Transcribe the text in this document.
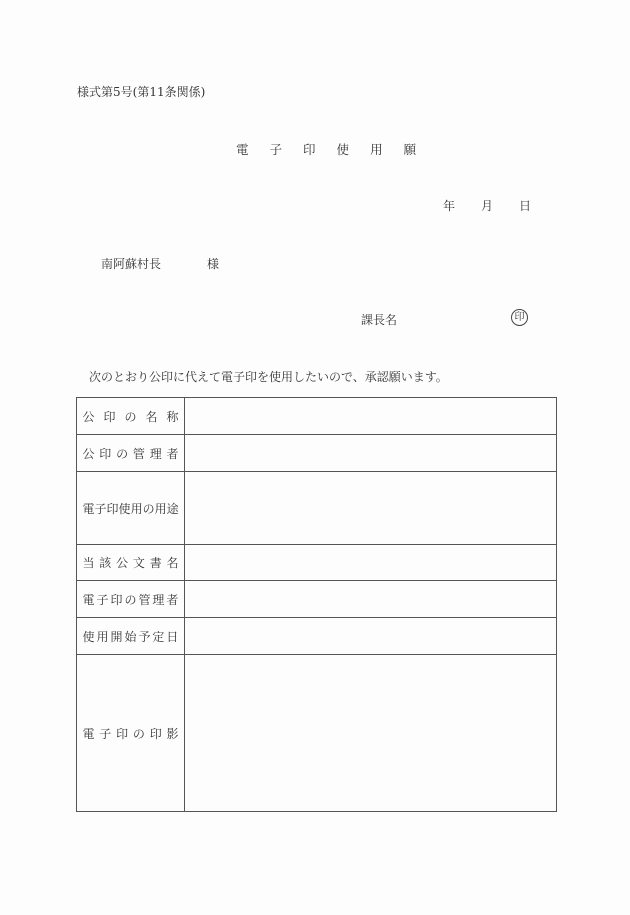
様式第5号(第11条関係)
電 子 印 使 用 願
年 月 日
南阿蘇村長	様
課長名	印
次のとおり公印に代えて電子印を使用したいので、承認願います。
公 印 の 名 称	

公 印 の 管 理 者

電 子 印 使 用 の 用 途

当 該 公 文 書 名

電 子 印 の 管 理 者

使 用 開 始 予 定 日

電 子 印 の 印 影
